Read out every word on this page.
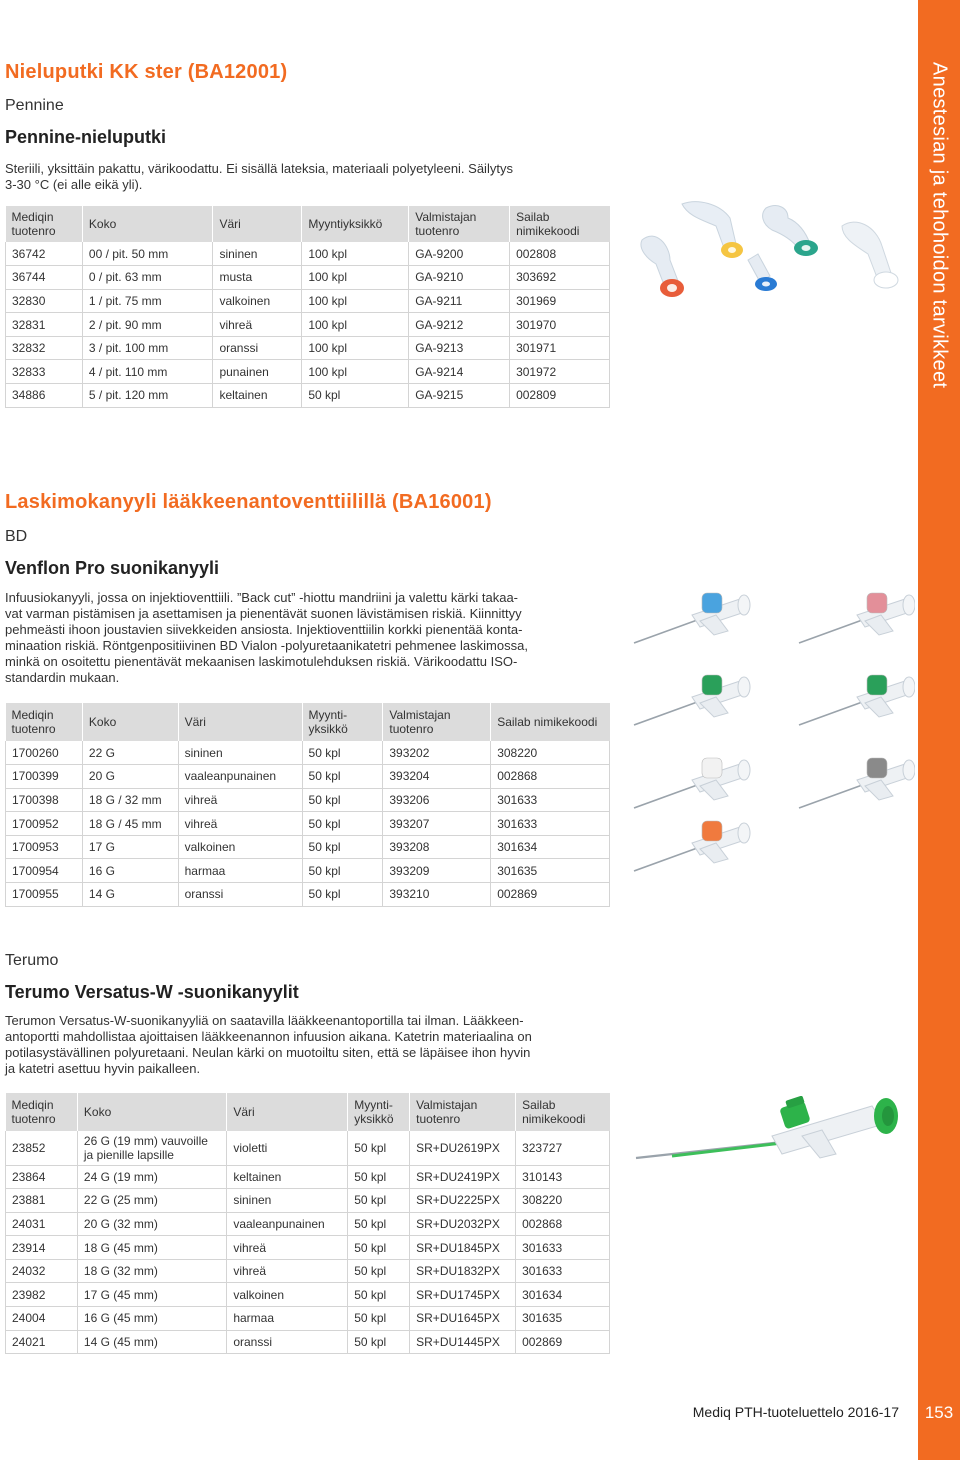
Anestesian ja tehohoidon tarvikkeet
153
Mediq PTH-tuoteluettelo 2016-17
Nieluputki KK ster (BA12001)
Pennine
Pennine-nieluputki
Steriili, yksittäin pakattu, värikoodattu. Ei sisällä lateksia, materiaali polyetyleeni. Säilytys
3-30 °C (ei alle eikä yli).
Mediqin tuotenro	Koko	Väri	Myyntiyksikkö	Valmistajan tuotenro	Sailab nimikekoodi
36742	00 / pit. 50 mm	sininen	100 kpl	GA-9200	002808
36744	0 / pit. 63 mm	musta	100 kpl	GA-9210	303692
32830	1 / pit. 75 mm	valkoinen	100 kpl	GA-9211	301969
32831	2 / pit. 90 mm	vihreä	100 kpl	GA-9212	301970
32832	3 / pit. 100 mm	oranssi	100 kpl	GA-9213	301971
32833	4 / pit. 110 mm	punainen	100 kpl	GA-9214	301972
34886	5 / pit. 120 mm	keltainen	50 kpl	GA-9215	002809
Laskimokanyyli lääkkeenantoventtiilillä (BA16001)
BD
Venflon Pro suonikanyyli
Infuusiokanyyli, jossa on injektioventtiili. ”Back cut” -hiottu mandriini ja valettu kärki takaa-
vat varman pistämisen ja asettamisen ja pienentävät suonen lävistämisen riskiä. Kiinnittyy
pehmeästi ihoon joustavien siivekkeiden ansiosta. Injektioventtiilin korkki pienentää konta-
minaation riskiä. Röntgenpositiivinen BD Vialon -polyuretaanikatetri pehmenee laskimossa,
minkä on osoitettu pienentävät mekaanisen laskimotulehduksen riskiä. Värikoodattu ISO-
standardin mukaan.
Mediqin tuotenro	Koko	Väri	Myynti-yksikkö	Valmistajan tuotenro	Sailab nimikekoodi
1700260	22 G	sininen	50 kpl	393202	308220
1700399	20 G	vaaleanpunainen	50 kpl	393204	002868
1700398	18 G / 32 mm	vihreä	50 kpl	393206	301633
1700952	18 G / 45 mm	vihreä	50 kpl	393207	301633
1700953	17 G	valkoinen	50 kpl	393208	301634
1700954	16 G	harmaa	50 kpl	393209	301635
1700955	14 G	oranssi	50 kpl	393210	002869
Terumo
Terumo Versatus-W -suonikanyylit
Terumon Versatus-W-suonikanyyliä on saatavilla lääkkeenantoportilla tai ilman. Lääkkeen-
antoportti mahdollistaa ajoittaisen lääkkeenannon infuusion aikana. Katetrin materiaalina on
potilasystävällinen polyuretaani. Neulan kärki on muotoiltu siten, että se läpäisee ihon hyvin
ja katetri asettuu hyvin paikalleen.
Mediqin tuotenro	Koko	Väri	Myynti-yksikkö	Valmistajan tuotenro	Sailab nimikekoodi
23852	26 G (19 mm) vauvoille ja pienille lapsille	violetti	50 kpl	SR+DU2619PX	323727
23864	24 G (19 mm)	keltainen	50 kpl	SR+DU2419PX	310143
23881	22 G (25 mm)	sininen	50 kpl	SR+DU2225PX	308220
24031	20 G (32 mm)	vaaleanpunainen	50 kpl	SR+DU2032PX	002868
23914	18 G (45 mm)	vihreä	50 kpl	SR+DU1845PX	301633
24032	18 G (32 mm)	vihreä	50 kpl	SR+DU1832PX	301633
23982	17 G (45 mm)	valkoinen	50 kpl	SR+DU1745PX	301634
24004	16 G (45 mm)	harmaa	50 kpl	SR+DU1645PX	301635
24021	14 G (45 mm)	oranssi	50 kpl	SR+DU1445PX	002869
